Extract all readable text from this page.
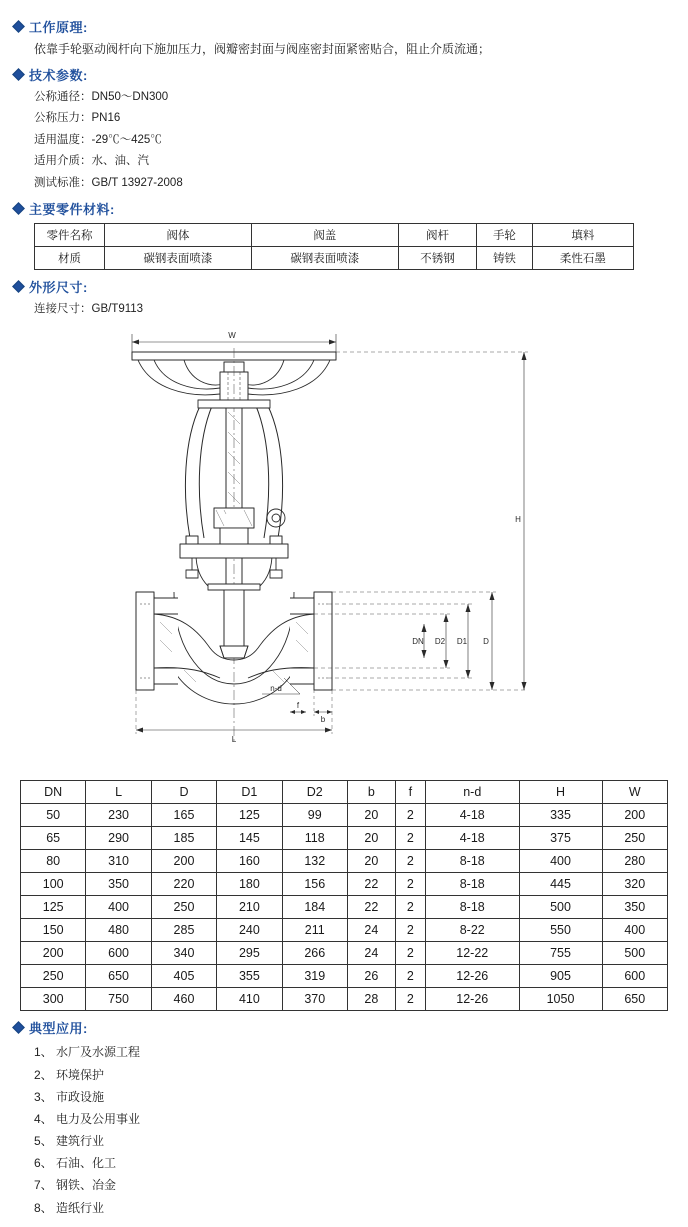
工作原理:
依靠手轮驱动阀杆向下施加压力，阀瓣密封面与阀座密封面紧密贴合，阻止介质流通；
技术参数:
公称通径：DN50～DN300
公称压力：PN16
适用温度：-29℃～425℃
适用介质：水、油、汽
测试标准：GB/T 13927-2008
主要零件材料:
零件名称	阀体	阀盖	阀杆	手轮	填料
材质	碳钢表面喷漆	碳钢表面喷漆	不锈钢	铸铁	柔性石墨
外形尺寸:
连接尺寸：GB/T9113
W
H
D
D1
D2
DN
L
b
f
n-d
DN	L	D	D1	D2	b	f	n-d	H	W
50	230	165	125	99	20	2	4-18	335	200
65	290	185	145	118	20	2	4-18	375	250
80	310	200	160	132	20	2	8-18	400	280
100	350	220	180	156	22	2	8-18	445	320
125	400	250	210	184	22	2	8-18	500	350
150	480	285	240	211	24	2	8-22	550	400
200	600	340	295	266	24	2	12-22	755	500
250	650	405	355	319	26	2	12-26	905	600
300	750	460	410	370	28	2	12-26	1050	650
典型应用:
1、 水厂及水源工程
2、 环境保护
3、 市政设施
4、 电力及公用事业
5、 建筑行业
6、 石油、化工
7、 钢铁、冶金
8、 造纸行业
